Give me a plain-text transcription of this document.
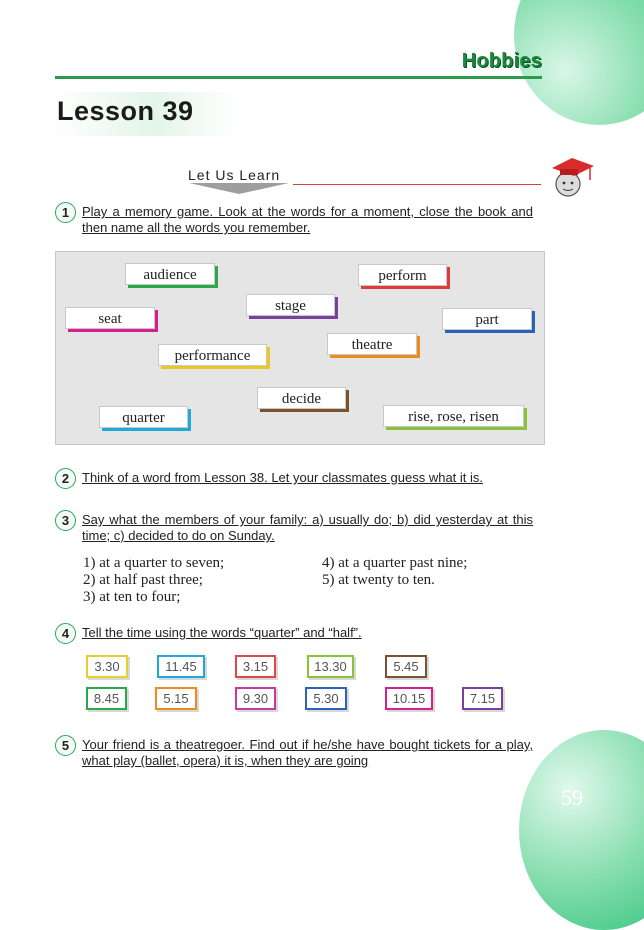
Hobbies
Lesson 39
Let Us Learn
1 Play a memory game. Look at the words for a moment, close the book and then name all the words you remember.
audience	perform
stage
seat	part
theatre
performance
decide
quarter	rise, rose, risen
2 Think of a word from Lesson 38. Let your classmates guess what it is.
3 Say what the members of your family: a) usually do; b) did yesterday at this time; c) decided to do on Sunday.
1) at a quarter to seven;
2) at half past three;
3) at ten to four;
4) at a quarter past nine;
5) at twenty to ten.
4 Tell the time using the words “quarter” and “half”.
3.30	11.45	3.15	13.30	5.45
8.45	5.15	9.30	5.30	10.15	7.15
5 Your friend is a theatregoer. Find out if he/she have bought tickets for a play, what play (ballet, opera) it is, when they are going
59
